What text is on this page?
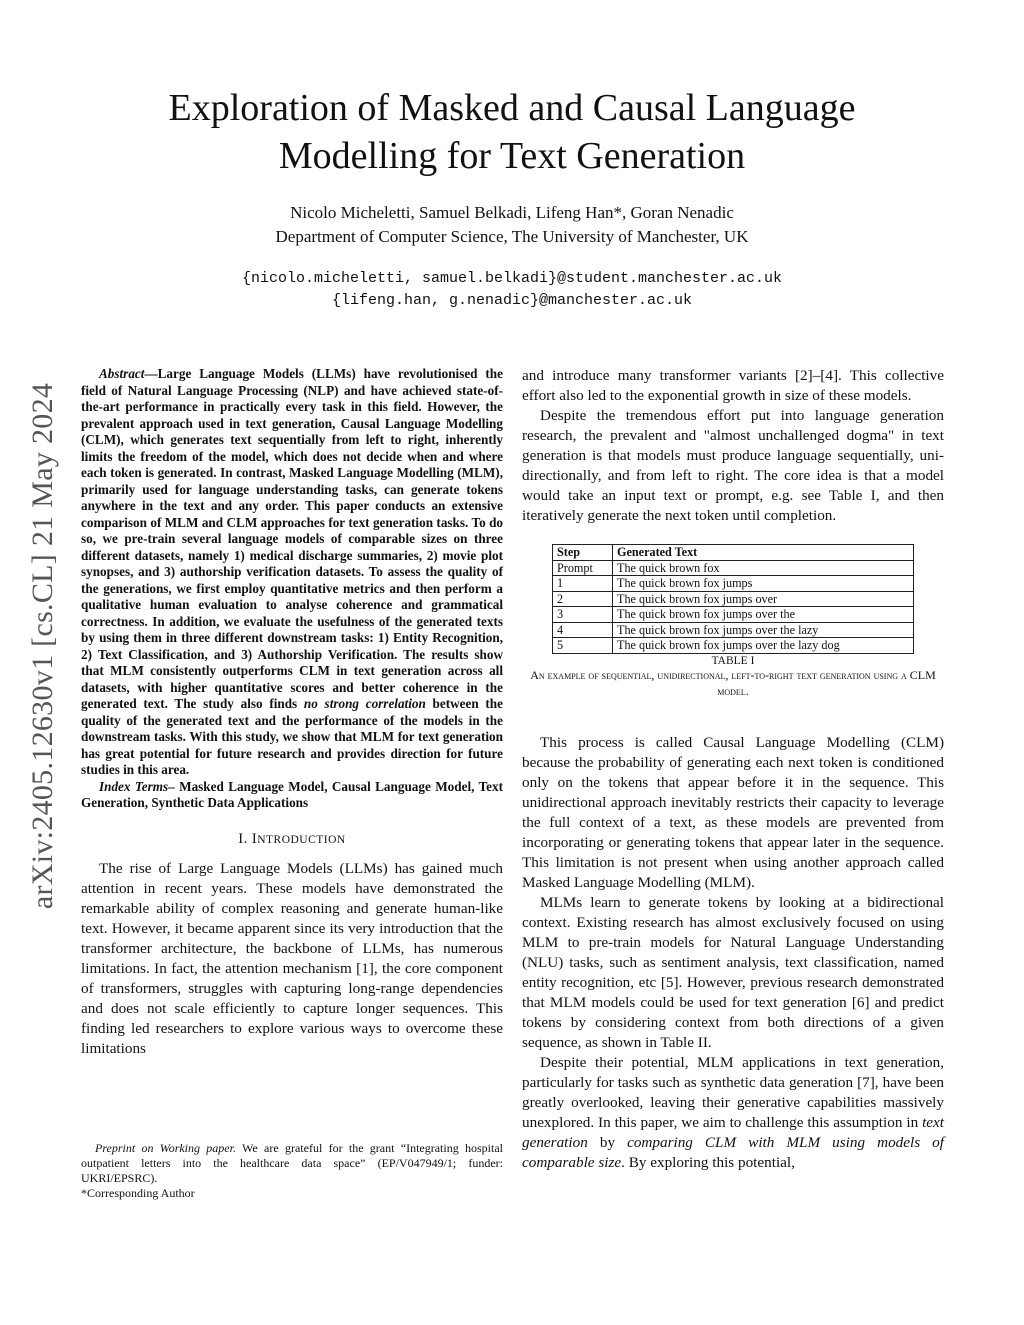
arXiv:2405.12630v1 [cs.CL] 21 May 2024
Exploration of Masked and Causal Language
Modelling for Text Generation
Nicolo Micheletti, Samuel Belkadi, Lifeng Han*, Goran Nenadic
Department of Computer Science, The University of Manchester, UK
{nicolo.micheletti, samuel.belkadi}@student.manchester.ac.uk
{lifeng.han, g.nenadic}@manchester.ac.uk

Abstract—Large Language Models (LLMs) have revolutionised the field of Natural Language Processing (NLP) and have achieved state-of-the-art performance in practically every task in this field. However, the prevalent approach used in text generation, Causal Language Modelling (CLM), which generates text sequentially from left to right, inherently limits the freedom of the model, which does not decide when and where each token is generated. In contrast, Masked Language Modelling (MLM), primarily used for language understanding tasks, can generate tokens anywhere in the text and any order. This paper conducts an extensive comparison of MLM and CLM approaches for text generation tasks. To do so, we pre-train several language models of comparable sizes on three different datasets, namely 1) medical discharge summaries, 2) movie plot synopses, and 3) authorship verification datasets. To assess the quality of the generations, we first employ quantitative metrics and then perform a qualitative human evaluation to analyse coherence and grammatical correctness. In addition, we evaluate the usefulness of the generated texts by using them in three different downstream tasks: 1) Entity Recognition, 2) Text Classification, and 3) Authorship Verification. The results show that MLM consistently outperforms CLM in text generation across all datasets, with higher quantitative scores and better coherence in the generated text. The study also finds no strong correlation between the quality of the generated text and the performance of the models in the downstream tasks. With this study, we show that MLM for text generation has great potential for future research and provides direction for future studies in this area.

Index Terms– Masked Language Model, Causal Language Model, Text Generation, Synthetic Data Applications

I. INTRODUCTION

The rise of Large Language Models (LLMs) has gained much attention in recent years. These models have demonstrated the remarkable ability of complex reasoning and generate human-like text. However, it became apparent since its very introduction that the transformer architecture, the backbone of LLMs, has numerous limitations. In fact, the attention mechanism [1], the core component of transformers, struggles with capturing long-range dependencies and does not scale efficiently to capture longer sequences. This finding led researchers to explore various ways to overcome these limitations

Preprint on Working paper. We are grateful for the grant “Integrating hospital outpatient letters into the healthcare data space” (EP/V047949/1; funder: UKRI/EPSRC).

*Corresponding Author

and introduce many transformer variants [2]–[4]. This collective effort also led to the exponential growth in size of these models.

Despite the tremendous effort put into language generation research, the prevalent and "almost unchallenged dogma" in text generation is that models must produce language sequentially, uni-directionally, and from left to right. The core idea is that a model would take an input text or prompt, e.g. see Table I, and then iteratively generate the next token until completion.

Step	Generated Text
Prompt	The quick brown fox
1	The quick brown fox jumps
2	The quick brown fox jumps over
3	The quick brown fox jumps over the
4	The quick brown fox jumps over the lazy
5	The quick brown fox jumps over the lazy dog

TABLE I

An example of sequential, unidirectional, left-to-right text generation using a CLM model.

This process is called Causal Language Modelling (CLM) because the probability of generating each next token is conditioned only on the tokens that appear before it in the sequence. This unidirectional approach inevitably restricts their capacity to leverage the full context of a text, as these models are prevented from incorporating or generating tokens that appear later in the sequence. This limitation is not present when using another approach called Masked Language Modelling (MLM).

MLMs learn to generate tokens by looking at a bidirectional context. Existing research has almost exclusively focused on using MLM to pre-train models for Natural Language Understanding (NLU) tasks, such as sentiment analysis, text classification, named entity recognition, etc [5]. However, previous research demonstrated that MLM models could be used for text generation [6] and predict tokens by considering context from both directions of a given sequence, as shown in Table II.

Despite their potential, MLM applications in text generation, particularly for tasks such as synthetic data generation [7], have been greatly overlooked, leaving their generative capabilities massively unexplored. In this paper, we aim to challenge this assumption in text generation by comparing CLM with MLM using models of comparable size. By exploring this potential,
